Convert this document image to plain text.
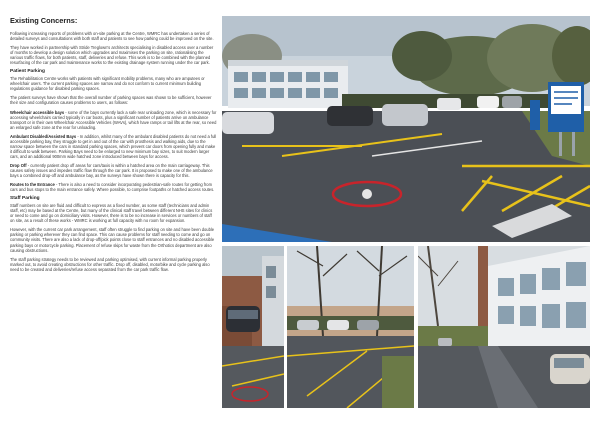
Existing Concerns:

Following increasing reports of problems with on-site parking at the Centre, WMRC has undertaken a series of detailed surveys and consultations with both staff and patients to see how parking could be improved on the site.

They have worked in partnership with Stride Treglown's architects specialising in disabled access over a number of months to develop a design solution which upgrades and maximises the parking on site, rationalising the various traffic flows, for both patients, staff, deliveries and refuse. This work is to be combined with the planned resurfacing of the car park and maintenance works to the existing drainage system running under the car park.

Patient Parking

The Rehabilitation Centre works with patients with significant mobility problems, many who are amputees or wheelchair users. The current parking spaces are narrow and do not conform to current minimum building regulations guidance for disabled parking spaces.

The patient surveys have shown that the overall number of parking spaces was shown to be sufficient, however their size and configuration causes problems to users, as follows:

Wheelchair accessible bays - some of the bays currently lack a safe rear unloading zone, which is necessary for accessing wheelchairs carried typically in car boots, plus a significant number of patients arrive on ambulance transport or in their own Wheelchair Accessible Vehicles (WAVs), which have ramps or tail lifts at the rear, so need an enlarged safe zone at the rear for unloading.

Ambulant Disabled/Assisted Bays - In addition, whilst many of the ambulant disabled patients do not need a full accessible parking bay, they struggle to get in and out of the car with prosthesis and walking aids, due to the narrow space between the cars in standard parking spaces, which prevent car doors from opening fully and make it difficult to walk between. Parking Bays need to be enlarged to new minimum bay sizes, to suit modern larger cars, and an additional 900mm wide hatched zone introduced between bays for access.

Drop Off - currently patient drop off areas for cars/taxis is within a hatched area on the main carriageway. This causes safety issues and impedes traffic flow through the car park. It is proposed to make one of the ambulance bays a combined drop-off and ambulance bay, as the surveys have shown there is capacity for this.

Routes to the Entrance - There is also a need to consider incorporating pedestrian-safe routes for getting from cars and bus stops to the main entrance safely. Where possible, to comprise footpaths or hatched access routes.

Staff Parking

Staff numbers on site are fluid and difficult to express as a fixed number, as some staff (technicians and admin staff, etc) may be based at the Centre, but many of the clinical staff travel between different NHS sites for clinics or need to come and go on domiciliary visits. However, there is to be no increase in services or numbers of staff on site, as a result of these works - WMRC is working at full capacity with no room for expansion.

However, with the current car park arrangement, staff often struggle to find parking on site and have been double parking or parking wherever they can find space. This can cause problems for staff needing to come and go on community visits. There are also a lack of drop-off/pick points close to staff entrances and no disabled accessible parking bays or motorcycle parking. Placement of refuse skips for waste from the Orthotics department are also causing obstructions.

The staff parking strategy needs to be reviewed and parking optimised, with current informal parking properly marked out, to avoid creating obstructions for other traffic. Drop off, disabled, motorbike and cycle parking also need to be created and deliveries/refuse access separated from the car park traffic flow.
